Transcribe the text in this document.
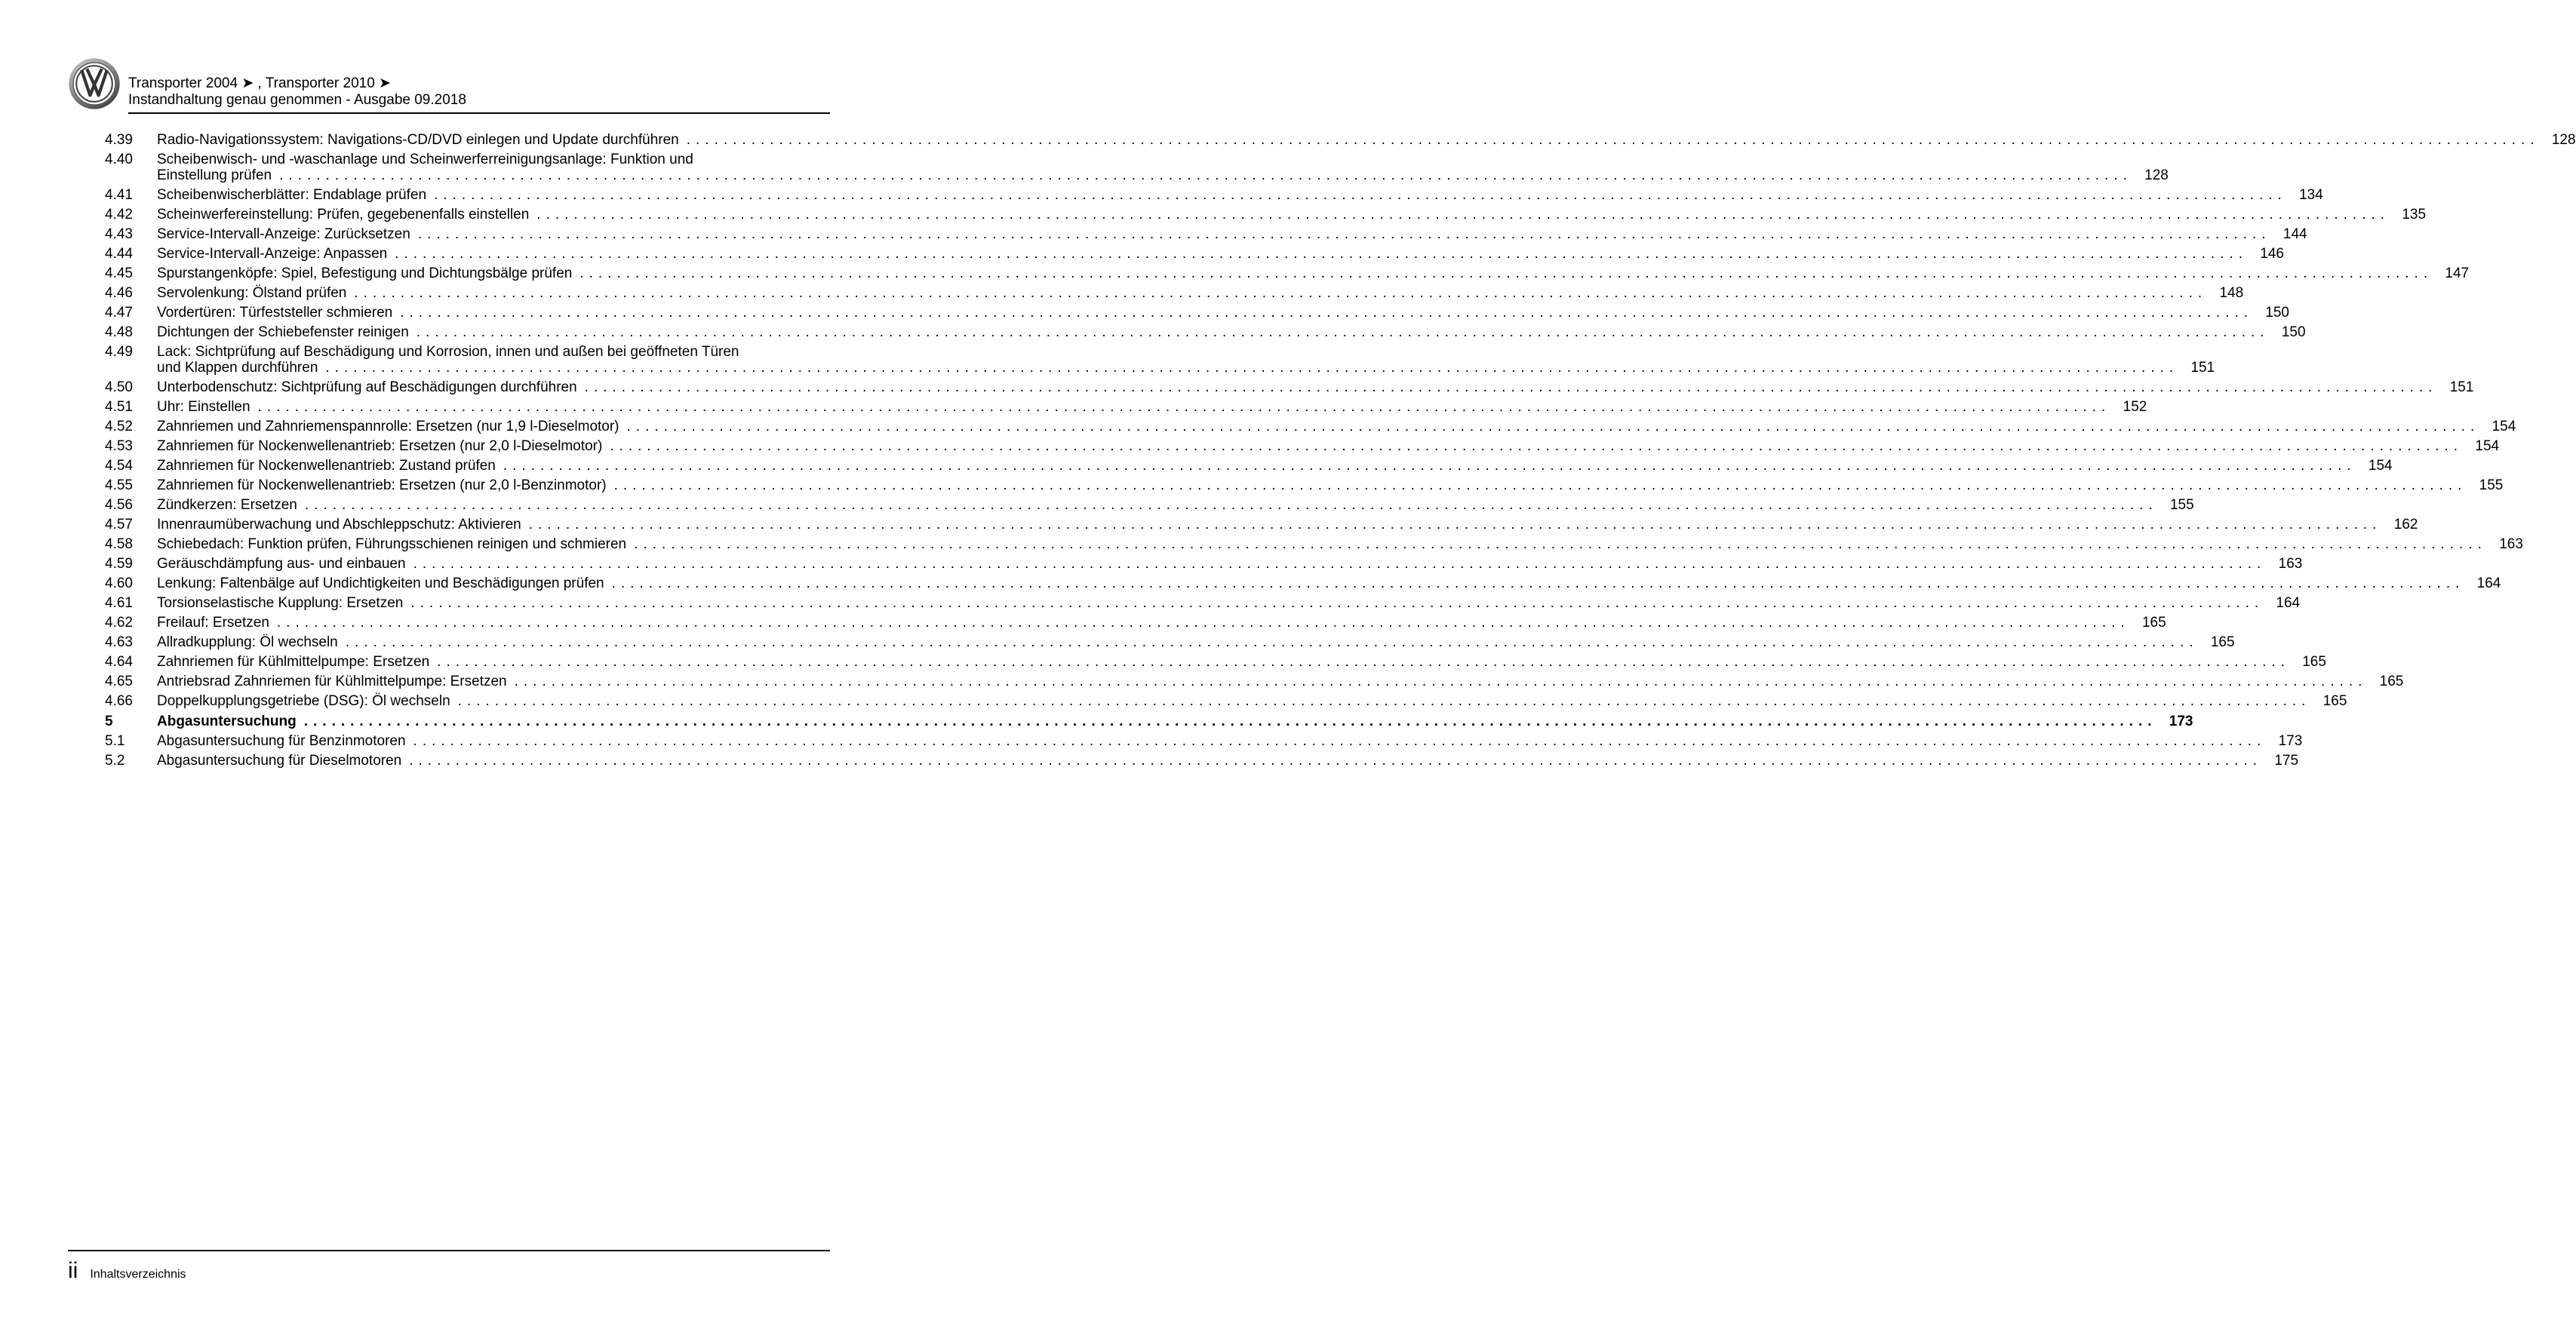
Transporter 2004 ➤ , Transporter 2010 ➤
Instandhaltung genau genommen - Ausgabe 09.2018
4.39	Radio-Navigationssystem: Navigations-CD/DVD einlegen und Update durchführen ........................................................................................................................................................................................................ 128
4.40	Scheibenwisch- und -waschanlage und Scheinwerferreinigungsanlage: Funktion und
Einstellung prüfen ........................................................................................................................................................................................................ 128
4.41	Scheibenwischerblätter: Endablage prüfen ........................................................................................................................................................................................................ 134
4.42	Scheinwerfereinstellung: Prüfen, gegebenenfalls einstellen ........................................................................................................................................................................................................ 135
4.43	Service-Intervall-Anzeige: Zurücksetzen ........................................................................................................................................................................................................ 144
4.44	Service-Intervall-Anzeige: Anpassen ........................................................................................................................................................................................................ 146
4.45	Spurstangenköpfe: Spiel, Befestigung und Dichtungsbälge prüfen ........................................................................................................................................................................................................ 147
4.46	Servolenkung: Ölstand prüfen ........................................................................................................................................................................................................ 148
4.47	Vordertüren: Türfeststeller schmieren ........................................................................................................................................................................................................ 150
4.48	Dichtungen der Schiebefenster reinigen ........................................................................................................................................................................................................ 150
4.49	Lack: Sichtprüfung auf Beschädigung und Korrosion, innen und außen bei geöffneten Türen
und Klappen durchführen ........................................................................................................................................................................................................ 151
4.50	Unterbodenschutz: Sichtprüfung auf Beschädigungen durchführen ........................................................................................................................................................................................................ 151
4.51	Uhr: Einstellen ........................................................................................................................................................................................................ 152
4.52	Zahnriemen und Zahnriemenspannrolle: Ersetzen (nur 1,9 l-Dieselmotor) ........................................................................................................................................................................................................ 154
4.53	Zahnriemen für Nockenwellenantrieb: Ersetzen (nur 2,0 l-Dieselmotor) ........................................................................................................................................................................................................ 154
4.54	Zahnriemen für Nockenwellenantrieb: Zustand prüfen ........................................................................................................................................................................................................ 154
4.55	Zahnriemen für Nockenwellenantrieb: Ersetzen (nur 2,0 l-Benzinmotor) ........................................................................................................................................................................................................ 155
4.56	Zündkerzen: Ersetzen ........................................................................................................................................................................................................ 155
4.57	Innenraumüberwachung und Abschleppschutz: Aktivieren ........................................................................................................................................................................................................ 162
4.58	Schiebedach: Funktion prüfen, Führungsschienen reinigen und schmieren ........................................................................................................................................................................................................ 163
4.59	Geräuschdämpfung aus- und einbauen ........................................................................................................................................................................................................ 163
4.60	Lenkung: Faltenbälge auf Undichtigkeiten und Beschädigungen prüfen ........................................................................................................................................................................................................ 164
4.61	Torsionselastische Kupplung: Ersetzen ........................................................................................................................................................................................................ 164
4.62	Freilauf: Ersetzen ........................................................................................................................................................................................................ 165
4.63	Allradkupplung: Öl wechseln ........................................................................................................................................................................................................ 165
4.64	Zahnriemen für Kühlmittelpumpe: Ersetzen ........................................................................................................................................................................................................ 165
4.65	Antriebsrad Zahnriemen für Kühlmittelpumpe: Ersetzen ........................................................................................................................................................................................................ 165
4.66	Doppelkupplungsgetriebe (DSG): Öl wechseln ........................................................................................................................................................................................................ 165
5	Abgasuntersuchung ........................................................................................................................................................................................................ 173
5.1	Abgasuntersuchung für Benzinmotoren ........................................................................................................................................................................................................ 173
5.2	Abgasuntersuchung für Dieselmotoren ........................................................................................................................................................................................................ 175
ii Inhaltsverzeichnis
